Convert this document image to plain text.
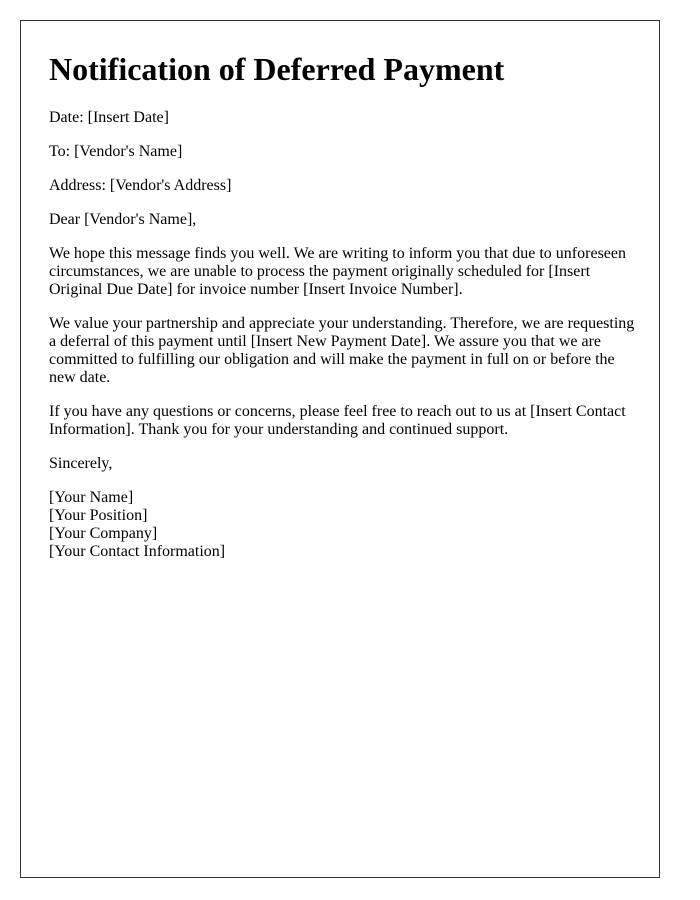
Notification of Deferred Payment

Date: [Insert Date]

To: [Vendor's Name]

Address: [Vendor's Address]

Dear [Vendor's Name],

We hope this message finds you well. We are writing to inform you that due to unforeseen circumstances, we are unable to process the payment originally scheduled for [Insert Original Due Date] for invoice number [Insert Invoice Number].

We value your partnership and appreciate your understanding. Therefore, we are requesting a deferral of this payment until [Insert New Payment Date]. We assure you that we are committed to fulfilling our obligation and will make the payment in full on or before the new date.

If you have any questions or concerns, please feel free to reach out to us at [Insert Contact Information]. Thank you for your understanding and continued support.

Sincerely,

[Your Name]
[Your Position]
[Your Company]
[Your Contact Information]
